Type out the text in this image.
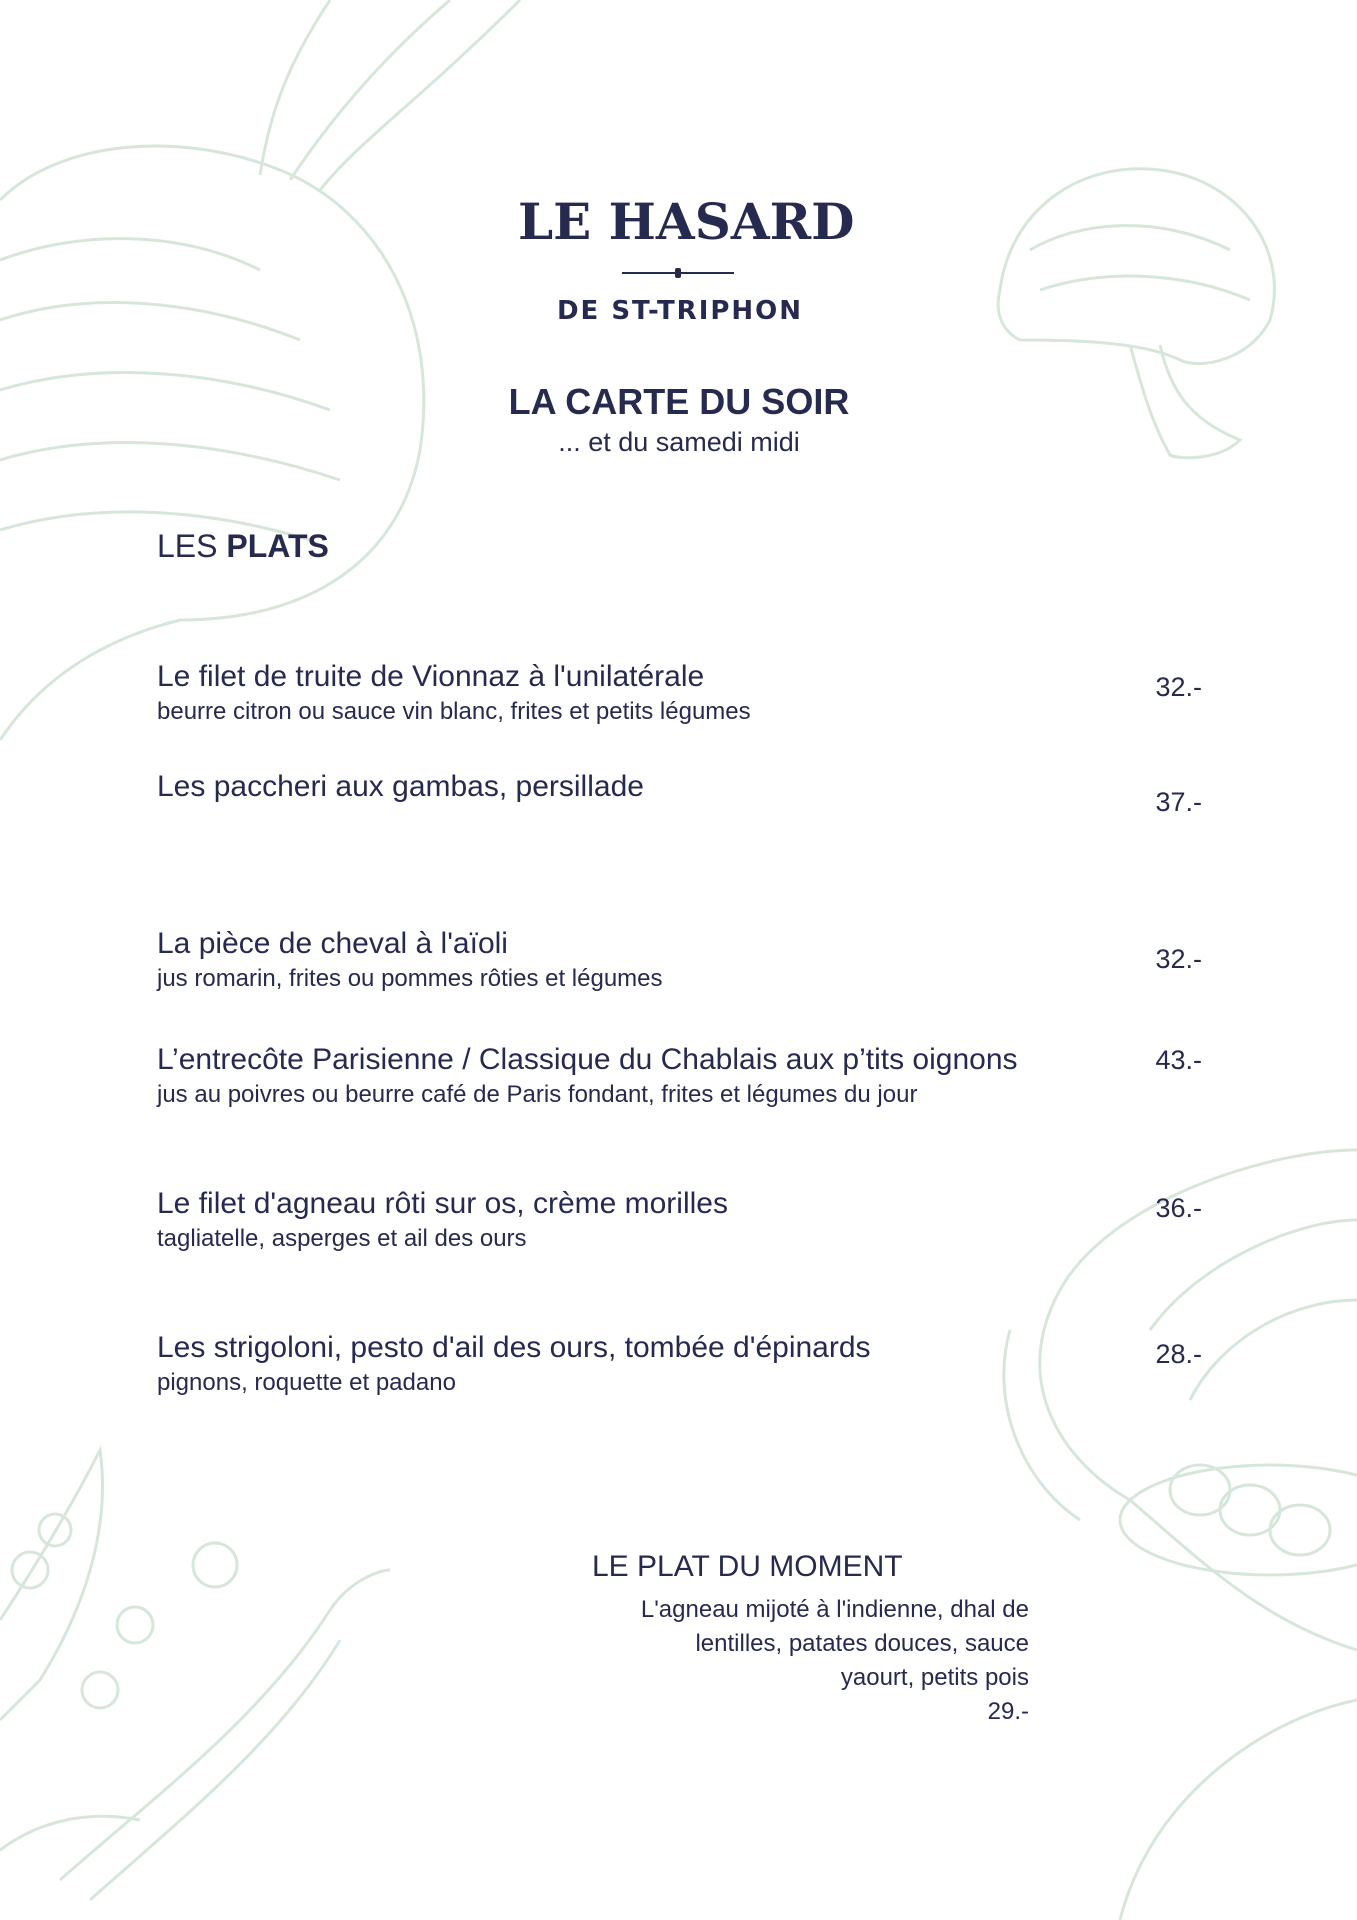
LE HASARD
DE ST-TRIPHON
LA CARTE DU SOIR
... et du samedi midi
LES PLATS
Le filet de truite de Vionnaz à l'unilatérale
beurre citron ou sauce vin blanc, frites et petits légumes
32.-
Les paccheri aux gambas, persillade	37.-
La pièce de cheval à l'aïoli
jus romarin, frites ou pommes rôties et légumes
32.-
L’entrecôte Parisienne / Classique du Chablais aux p’tits oignons
jus au poivres ou beurre café de Paris fondant, frites et légumes du jour
43.-
Le filet d'agneau rôti sur os, crème morilles
tagliatelle, asperges et ail des ours
36.-
Les strigoloni, pesto d'ail des ours, tombée d'épinards
pignons, roquette et padano
28.-
LE PLAT DU MOMENT
L'agneau mijoté à l'indienne, dhal de
lentilles, patates douces, sauce
yaourt, petits pois
29.-
